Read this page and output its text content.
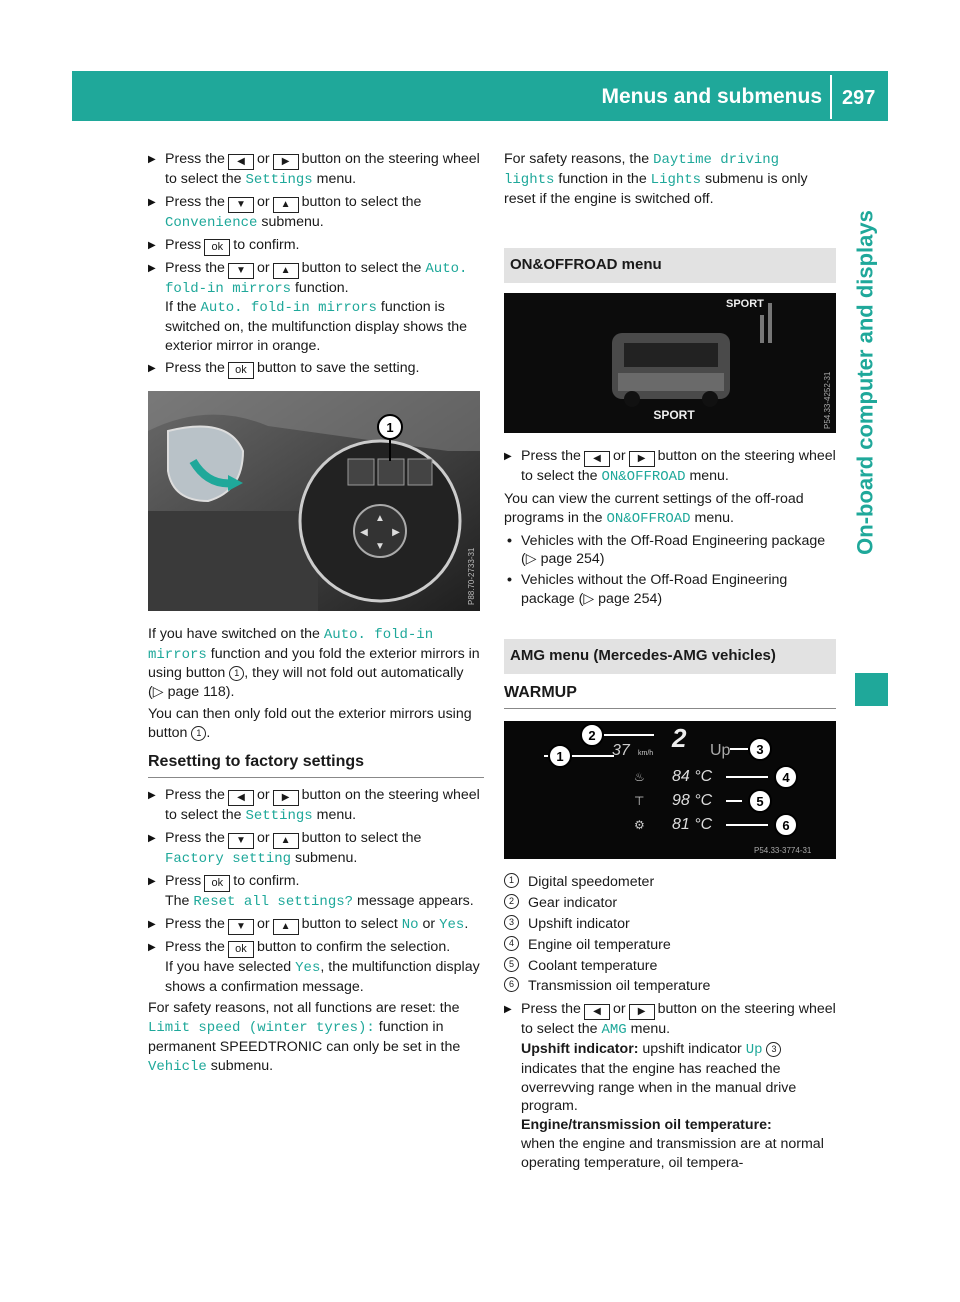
Menus and submenus 297
On-board computer and displays
▶ Press the ◀ or ▶ button on the steering wheel to select the Settings menu.
▶ Press the ▼ or ▲ button to select the Convenience submenu.
▶ Press ok to confirm.
▶ Press the ▼ or ▲ button to select the Auto. fold-in mirrors function.
If the Auto. fold-in mirrors function is switched on, the multifunction display shows the exterior mirror in orange.
▶ Press the ok button to save the setting.
▲
▼
◀ ▶
1
P88.70-2733-31
If you have switched on the Auto. fold-in mirrors function and you fold the exterior mirrors in using button 1 , they will not fold out automatically (▷ page 118).
You can then only fold out the exterior mirrors using button 1 .
Resetting to factory settings
▶ Press the ◀ or ▶ button on the steering wheel to select the Settings menu.
▶ Press the ▼ or ▲ button to select the Factory setting submenu.
▶ Press ok to confirm.
The Reset all settings? message appears.
▶ Press the ▼ or ▲ button to select No or Yes.
▶ Press the ok button to confirm the selection.
If you have selected Yes, the multifunction display shows a confirmation message.
For safety reasons, not all functions are reset: the Limit speed (winter tyres): function in permanent SPEEDTRONIC can only be set in the Vehicle submenu.
For safety reasons, the Daytime driving lights function in the Lights submenu is only reset if the engine is switched off.
ON&OFFROAD menu
SPORT
SPORT	P54.33-4252-31
▶ Press the ◀ or ▶ button on the steering wheel to select the ON&OFFROAD menu.
You can view the current settings of the off-road programs in the ON&OFFROAD menu.
• Vehicles with the Off-Road Engineering package (▷ page 254)
• Vehicles without the Off-Road Engineering package (▷ page 254)
AMG menu (Mercedes-AMG vehicles)
WARMUP
2
37 km/h	Up
♨
⊤
⚙
84 °C
98 °C
81 °C
1
2
3
4
5
6
P54.33-3774-31
1 Digital speedometer
2 Gear indicator
3 Upshift indicator
4 Engine oil temperature
5 Coolant temperature
6 Transmission oil temperature
▶ Press the ◀ or ▶ button on the steering wheel to select the AMG menu.
Upshift indicator: upshift indicator Up 3 indicates that the engine has reached the overrevving range when in the manual drive program.
Engine/transmission oil temperature:
when the engine and transmission are at normal operating temperature, oil tempera-
